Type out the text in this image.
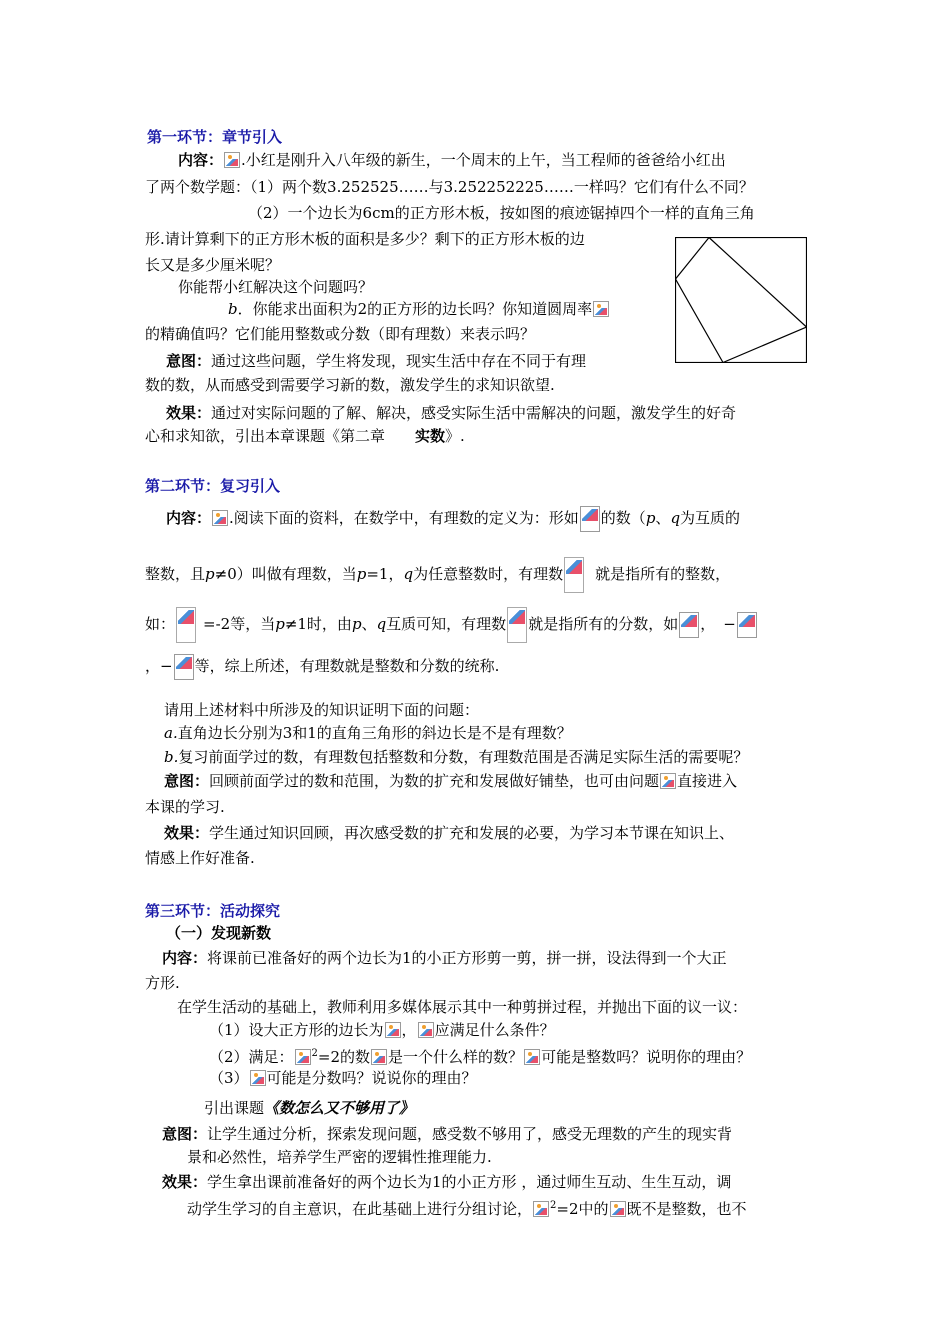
第一环节：章节引入
内容： .小红是刚升入八年级的新生，一个周末的上午，当工程师的爸爸给小红出
了两个数学题：（1）两个数3.252525……与3.252252225……一样吗？它们有什么不同？
（2）一个边长为6cm的正方形木板，按如图的痕迹锯掉四个一样的直角三角
形.请计算剩下的正方形木板的面积是多少？剩下的正方形木板的边
长又是多少厘米呢？
你能帮小红解决这个问题吗？
b．你能求出面积为2的正方形的边长吗？你知道圆周率
的精确值吗？它们能用整数或分数（即有理数）来表示吗？
意图：通过这些问题，学生将发现，现实生活中存在不同于有理
数的数，从而感受到需要学习新的数，激发学生的求知识欲望.
效果：通过对实际问题的了解、解决，感受实际生活中需解决的问题，激发学生的好奇
心和求知欲，引出本章课题《第二章 实数》.
第二环节：复习引入
内容： .阅读下面的资料，在数学中，有理数的定义为：形如 的数（p、q为互质的
整数，且p≠0）叫做有理数，当p=1，q为任意整数时，有理数 就是指所有的整数，
如： =-2等，当p≠1时，由p、q互质可知，有理数 就是指所有的分数，如 ， −
，− 等，综上所述，有理数就是整数和分数的统称.
请用上述材料中所涉及的知识证明下面的问题：
a.直角边长分别为3和1的直角三角形的斜边长是不是有理数？
b.复习前面学过的数，有理数包括整数和分数，有理数范围是否满足实际生活的需要呢？
意图：回顾前面学过的数和范围，为数的扩充和发展做好铺垫，也可由问题 直接进入
本课的学习.
效果：学生通过知识回顾，再次感受数的扩充和发展的必要，为学习本节课在知识上、
情感上作好准备.
第三环节：活动探究
（一）发现新数
内容：将课前已准备好的两个边长为1的小正方形剪一剪，拼一拼，设法得到一个大正
方形.
在学生活动的基础上，教师利用多媒体展示其中一种剪拼过程，并抛出下面的议一议：
（1）设大正方形的边长为 ， 应满足什么条件？
（2）满足： $^2$=2的数 是一个什么样的数？ 可能是整数吗？说明你的理由？
（3） 可能是分数吗？说说你的理由？
引出课题《数怎么又不够用了》
意图：让学生通过分析，探索发现问题，感受数不够用了，感受无理数的产生的现实背
景和必然性，培养学生严密的逻辑性推理能力.
效果：学生拿出课前准备好的两个边长为1的小正方形 ，通过师生互动、生生互动，调
动学生学习的自主意识，在此基础上进行分组讨论， $^2$=2中的 既不是整数，也不
